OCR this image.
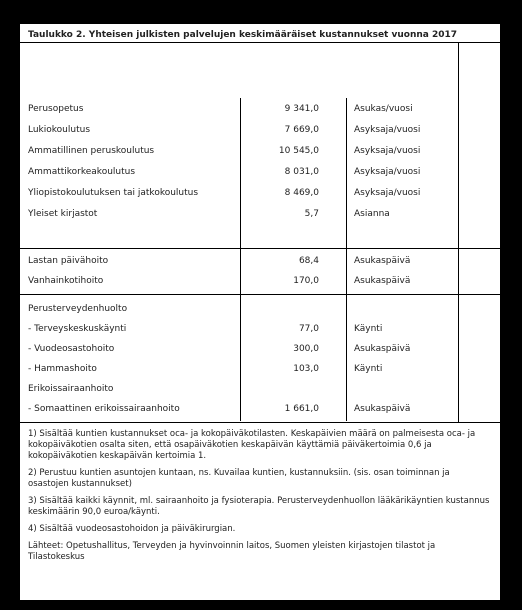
Taulukko 2. Yhteisen julkisten palvelujen keskimääräiset kustannukset vuonna 2017
Perusopetus	9 341,0	Asukas/vuosi
Lukiokoulutus	7 669,0	Asyksaja/vuosi
Ammatillinen peruskoulutus	10 545,0	Asyksaja/vuosi
Ammattikorkeakoulutus	8 031,0	Asyksaja/vuosi
Yliopistokoulutuksen tai jatkokoulutus	8 469,0	Asyksaja/vuosi
Yleiset kirjastot	5,7	Asianna
Lastan päivähoito	68,4	Asukaspäivä
Vanhainkotihoito	170,0	Asukaspäivä
Perusterveydenhuolto
- Terveyskeskuskäynti	77,0	Käynti
- Vuodeosastohoito	300,0	Asukaspäivä
- Hammashoito	103,0	Käynti
Erikoissairaanhoito
- Somaattinen erikoissairaanhoito	1 661,0	Asukaspäivä
1) Sisältää kuntien kustannukset oca- ja kokopäiväkotilasten. Keskapäivien määrä on palmeisesta oca- ja kokopäiväkotien osalta siten, että osapäiväkotien keskapäivän käyttämiä päiväkertoimia 0,6 ja kokopäiväkotien keskapäivän kertoimia 1.
2) Perustuu kuntien asuntojen kuntaan, ns. Kuvailaa kuntien, kustannuksiin. (sis. osan toiminnan ja osastojen kustannukset)
3) Sisältää kaikki käynnit, ml. sairaanhoito ja fysioterapia. Perusterveydenhuollon lääkärikäyntien kustannus keskimäärin 90,0 euroa/käynti.
4) Sisältää vuodeosastohoidon ja päiväkirurgian.
Lähteet: Opetushallitus, Terveyden ja hyvinvoinnin laitos, Suomen yleisten kirjastojen tilastot ja Tilastokeskus
